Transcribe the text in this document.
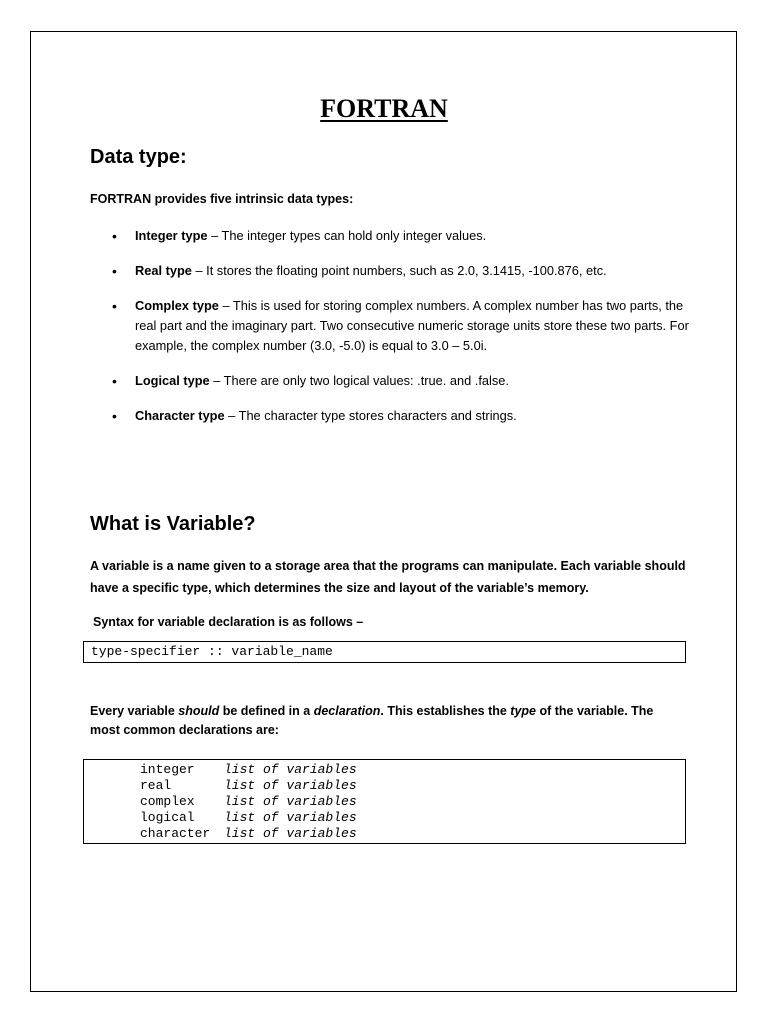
FORTRAN
Data type:

FORTRAN provides five intrinsic data types:

• Integer type – The integer types can hold only integer values.
• Real type – It stores the floating point numbers, such as 2.0, 3.1415, -100.876, etc.
• Complex type – This is used for storing complex numbers. A complex number has two parts, the real part and the imaginary part. Two consecutive numeric storage units store these two parts. For example, the complex number (3.0, -5.0) is equal to 3.0 – 5.0i.
• Logical type – There are only two logical values: .true. and .false.
• Character type – The character type stores characters and strings.
What is Variable?

A variable is a name given to a storage area that the programs can manipulate. Each variable should have a specific type, which determines the size and layout of the variable’s memory.

Syntax for variable declaration is as follows –

type-specifier :: variable_name

Every variable should be defined in a declaration. This establishes the type of the variable. The most common declarations are:

integer	list of variables
real	list of variables
complex	list of variables
logical	list of variables
character	list of variables
